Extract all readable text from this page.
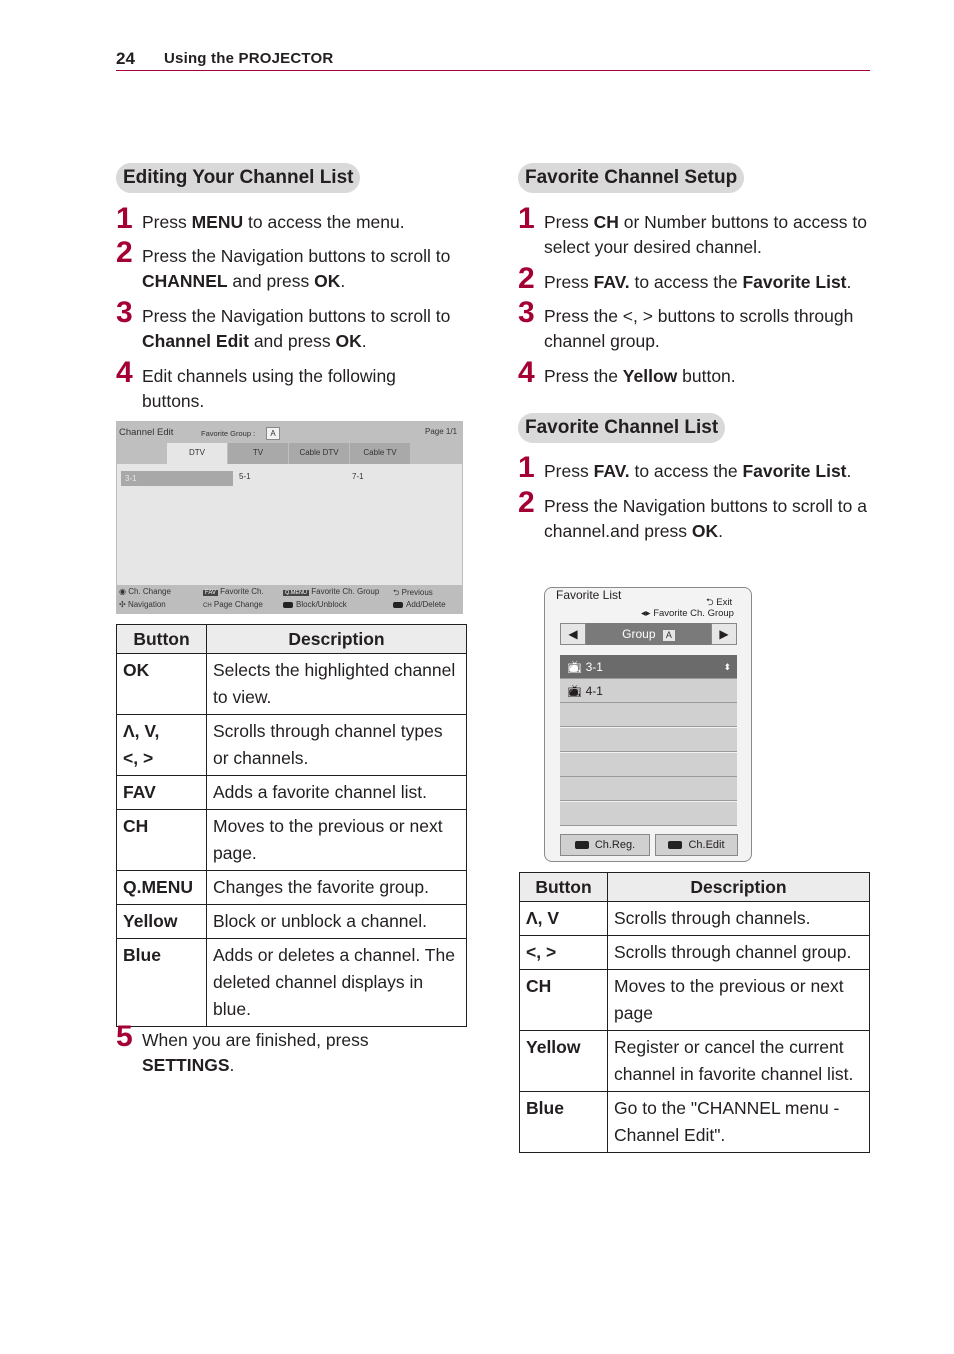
24 Using the PROJECTOR
Editing Your Channel List
1 Press MENU to access the menu.
2 Press the Navigation buttons to scroll to CHANNEL and press OK.
3 Press the Navigation buttons to scroll to Channel Edit and press OK.
4 Edit channels using the following buttons.
Channel Edit	Favorite Group :	A	Page 1/1
DTV	TV	Cable DTV	Cable TV
3-1	5-1	7-1
◉ Ch. Change
✣ Navigation
FAV Favorite Ch.
CH Page Change
Q.MENU Favorite Ch. Group
Block/Unblock
⮌ Previous
Add/Delete
Button	Description
OK	Selects the highlighted channel to view.
Λ, V,
<, >	Scrolls through channel types or channels.
FAV	Adds a favorite channel list.
CH	Moves to the previous or next page.
Q.MENU	Changes the favorite group.
Yellow	Block or unblock a channel.
Blue	Adds or deletes a channel. The deleted channel displays in blue.
5 When you are finished, press SETTINGS.
Favorite Channel Setup
1 Press CH or Number buttons to access to select your desired channel.
2 Press FAV. to access the Favorite List.
3 Press the <, > buttons to scrolls through channel group.
4 Press the Yellow button.
Favorite Channel List
1 Press FAV. to access the Favorite List.
2 Press the Navigation buttons to scroll to a channel.and press OK.
Favorite List
⮌ Exit
◂▸ Favorite Ch. Group
◀	Group A	▶
📺︎ 3-1	⬍
📺︎ 4-1
Ch.Reg.	Ch.Edit
Button	Description
Λ, V	Scrolls through channels.
<, >	Scrolls through channel group.
CH	Moves to the previous or next page
Yellow	Register or cancel the current channel in favorite channel list.
Blue	Go to the "CHANNEL menu - Channel Edit".
